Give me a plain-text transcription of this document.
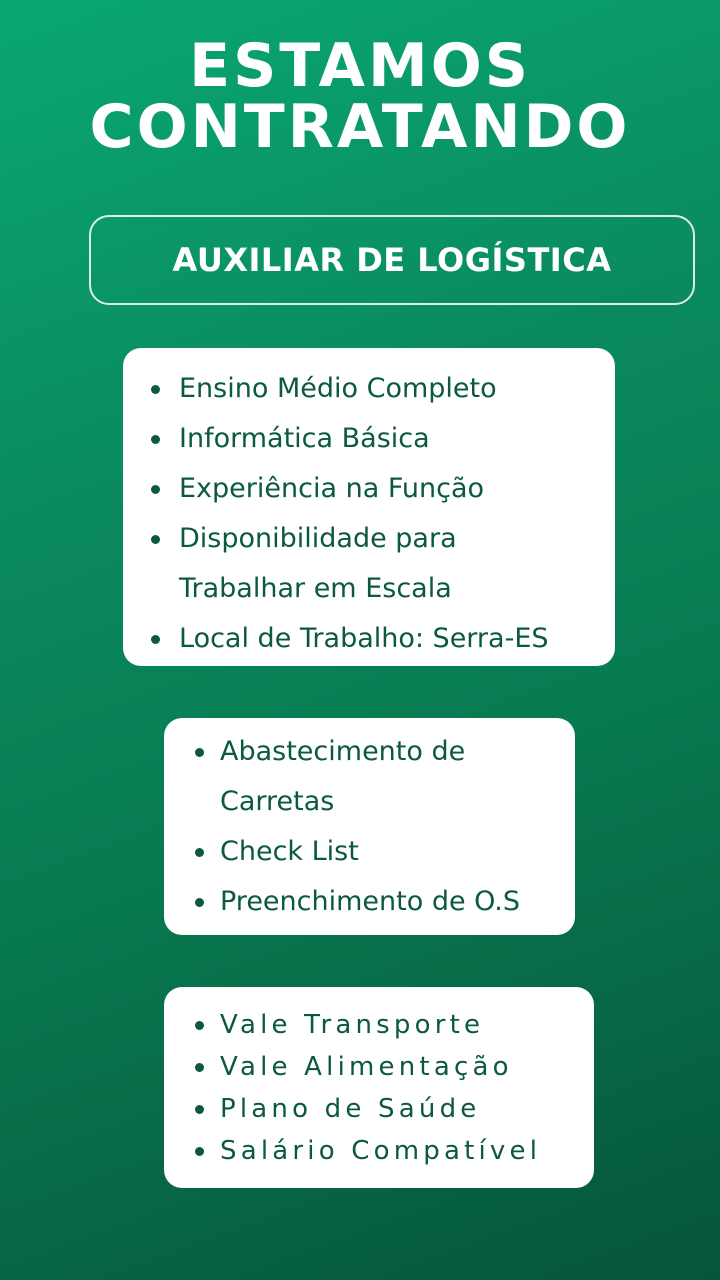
ESTAMOS
CONTRATANDO
AUXILIAR DE LOGÍSTICA
Ensino Médio Completo
Informática Básica
Experiência na Função
Disponibilidade para Trabalhar em Escala
Local de Trabalho: Serra-ES
Abastecimento de Carretas
Check List
Preenchimento de O.S
Vale Transporte
Vale Alimentação
Plano de Saúde
Salário Compatível
